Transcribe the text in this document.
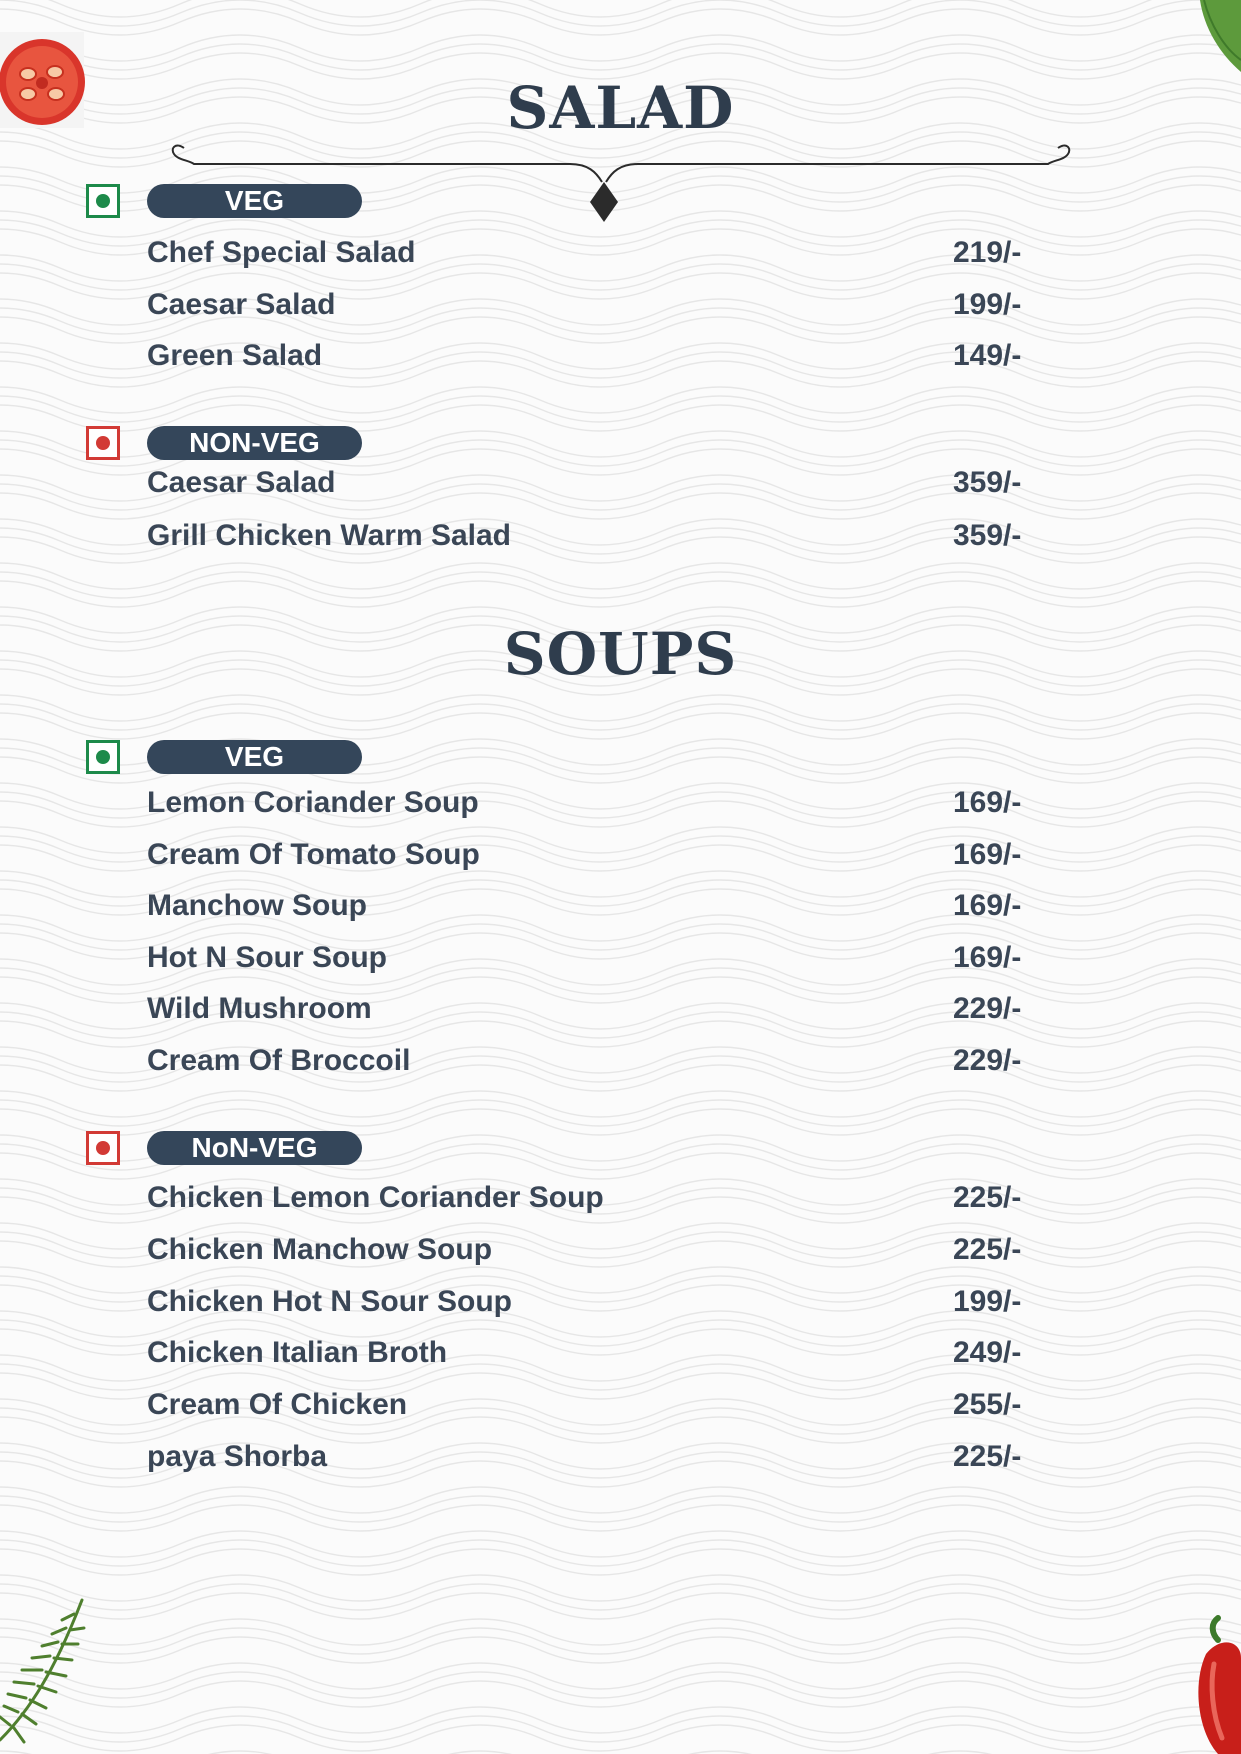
SALAD
VEG
NON-VEG
SOUPS
VEG
NoN-VEG
Chef Special Salad	219/-
Caesar Salad	199/-
Green Salad	149/-
Caesar Salad	359/-
Grill Chicken Warm Salad	359/-
Lemon Coriander Soup	169/-
Cream Of Tomato Soup	169/-
Manchow Soup	169/-
Hot N Sour Soup	169/-
Wild Mushroom	229/-
Cream Of Broccoil	229/-
Chicken Lemon Coriander Soup	225/-
Chicken Manchow Soup	225/-
Chicken Hot N Sour Soup	199/-
Chicken Italian Broth	249/-
Cream Of Chicken	255/-
paya Shorba	225/-
